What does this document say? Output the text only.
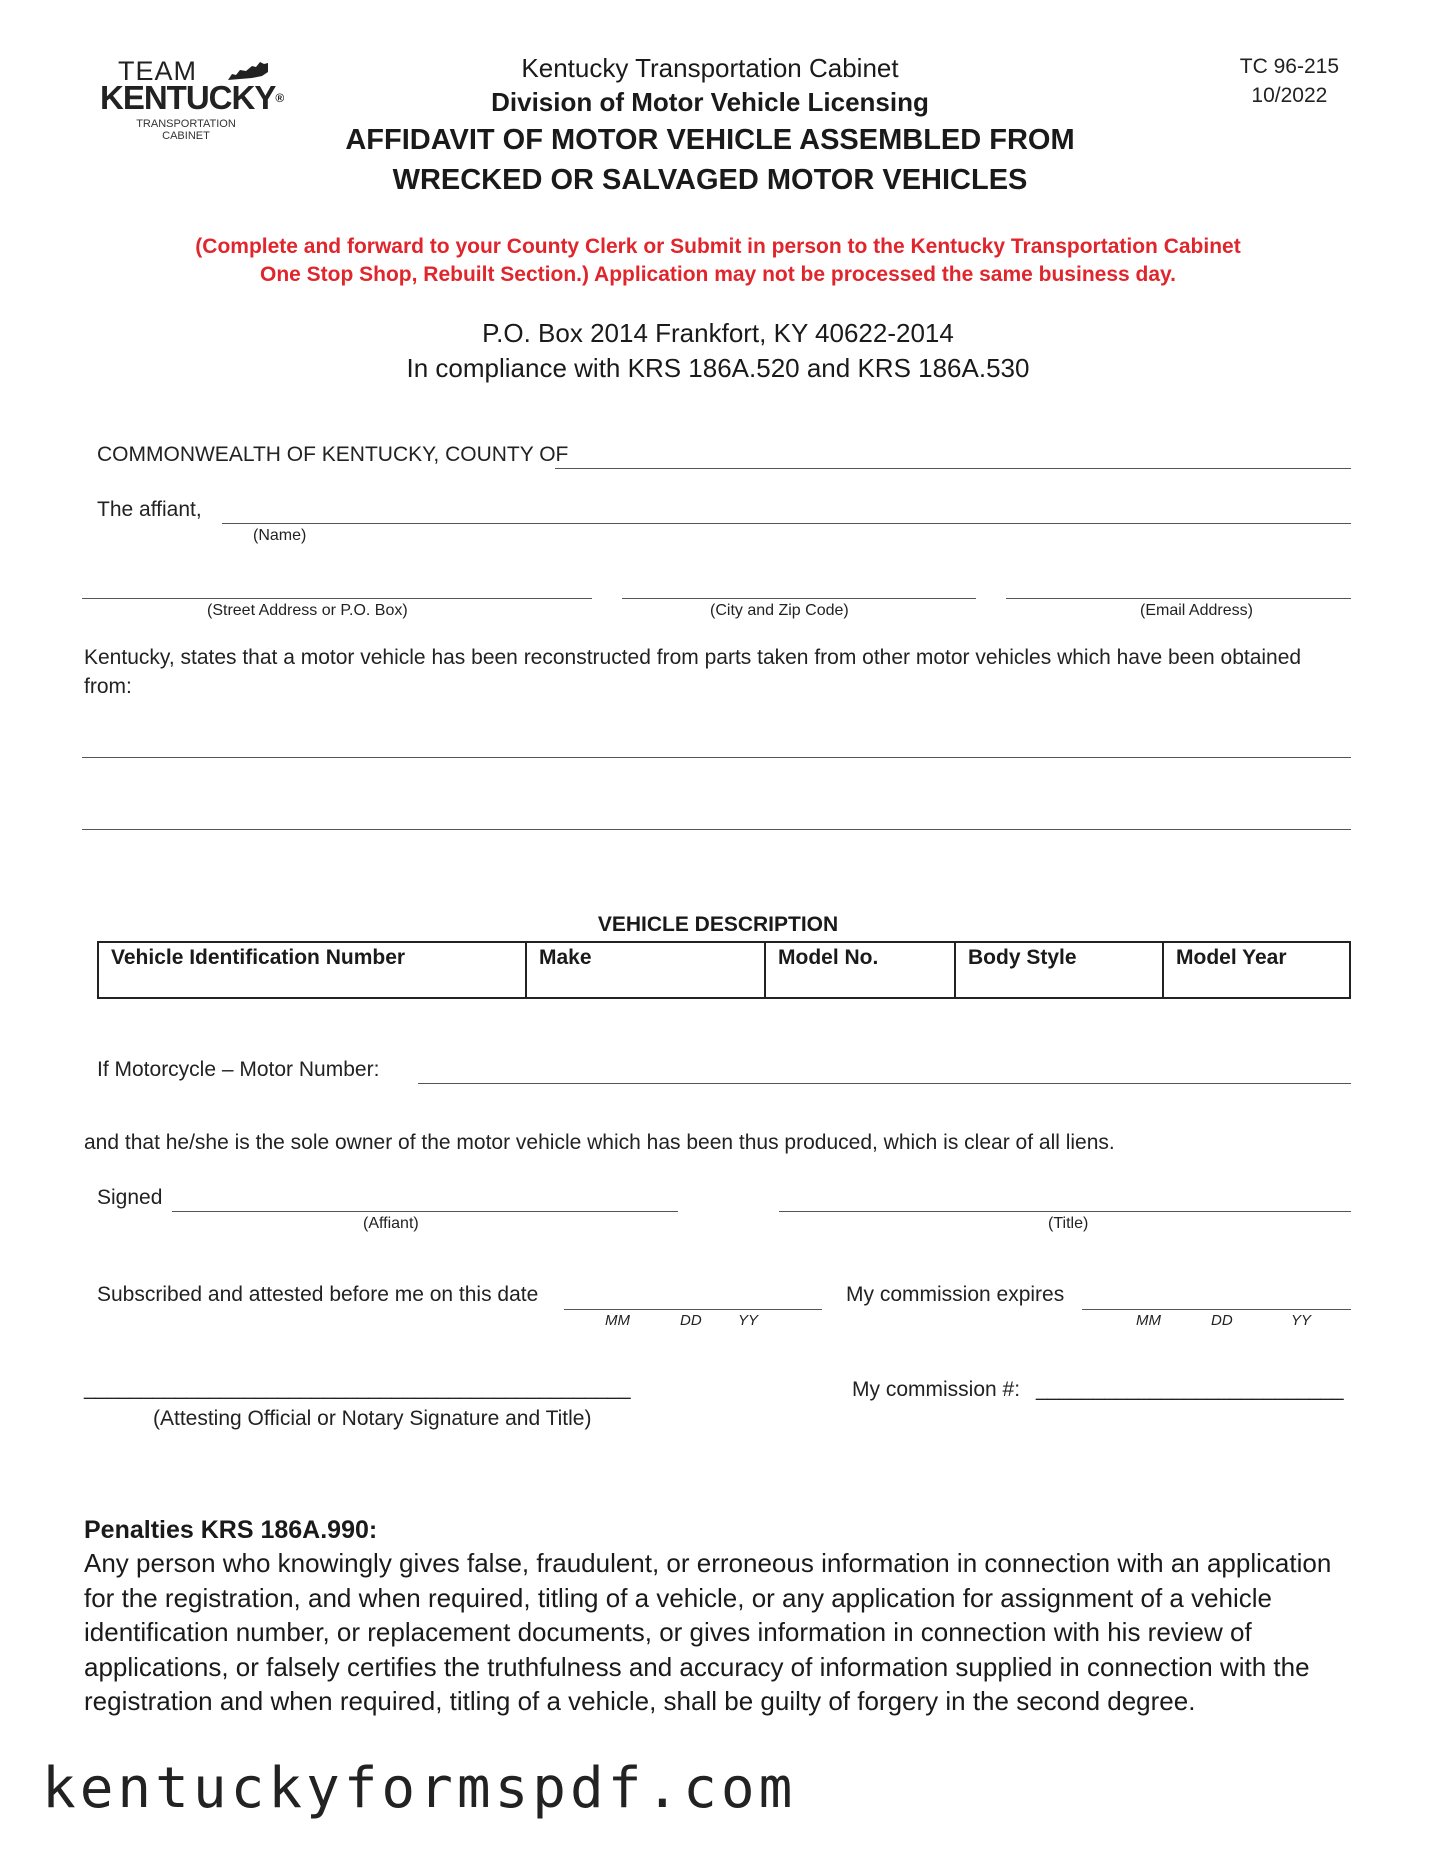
TEAM
KENTUCKY®
TRANSPORTATION
CABINET
Kentucky Transportation Cabinet
Division of Motor Vehicle Licensing
AFFIDAVIT OF MOTOR VEHICLE ASSEMBLED FROM
WRECKED OR SALVAGED MOTOR VEHICLES
TC 96-215
10/2022
(Complete and forward to your County Clerk or Submit in person to the Kentucky Transportation Cabinet
One Stop Shop, Rebuilt Section.) Application may not be processed the same business day.
P.O. Box 2014 Frankfort, KY 40622-2014
In compliance with KRS 186A.520 and KRS 186A.530
COMMONWEALTH OF KENTUCKY, COUNTY OF
The affiant,
(Name)
(Street Address or P.O. Box)	(City and Zip Code)	(Email Address)
Kentucky, states that a motor vehicle has been reconstructed from parts taken from other motor vehicles which have been obtained
from:
VEHICLE DESCRIPTION
Vehicle Identification Number	Make	Model No.	Body Style	Model Year
If Motorcycle – Motor Number:
and that he/she is the sole owner of the motor vehicle which has been thus produced, which is clear of all liens.
Signed
(Affiant)	(Title)
Subscribed and attested before me on this date
MM	DD YY
My commission expires
MM	DD	YY
________________________________________________
(Attesting Official or Notary Signature and Title)
My commission #: ___________________________
Penalties KRS 186A.990:
Any person who knowingly gives false, fraudulent, or erroneous information in connection with an application
for the registration, and when required, titling of a vehicle, or any application for assignment of a vehicle
identification number, or replacement documents, or gives information in connection with his review of
applications, or falsely certifies the truthfulness and accuracy of information supplied in connection with the
registration and when required, titling of a vehicle, shall be guilty of forgery in the second degree.
kentuckyformspdf.com
